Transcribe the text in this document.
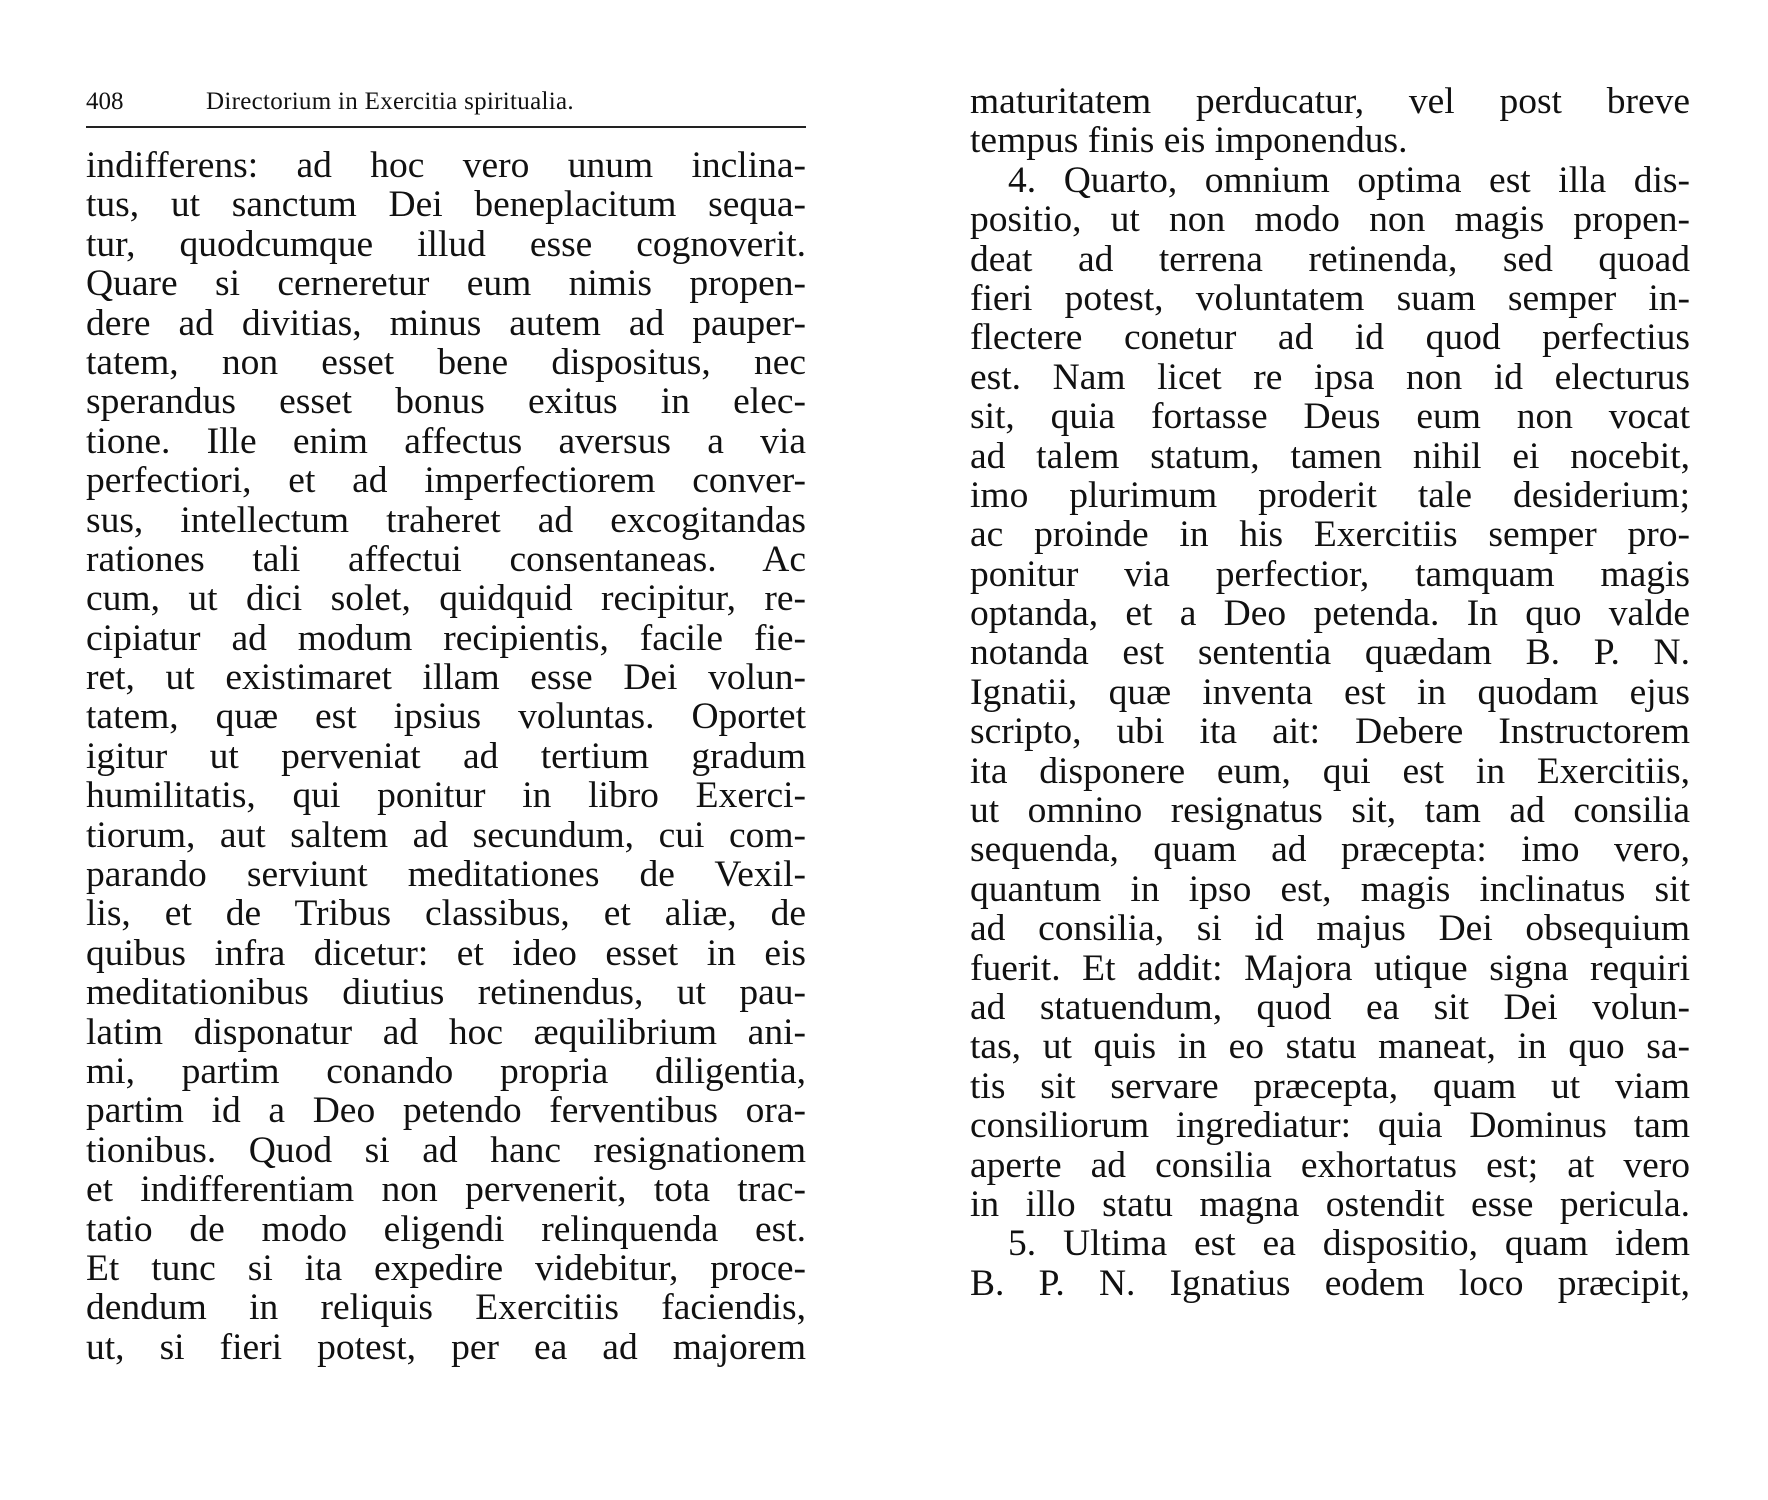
408	Directorium in Exercitia spiritualia.
indifferens: ad hoc vero unum inclina-
tus, ut sanctum Dei beneplacitum sequa-
tur, quodcumque illud esse cognoverit.
Quare si cerneretur eum nimis propen-
dere ad divitias, minus autem ad pauper-
tatem, non esset bene dispositus, nec
sperandus esset bonus exitus in elec-
tione. Ille enim affectus aversus a via
perfectiori, et ad imperfectiorem conver-
sus, intellectum traheret ad excogitandas
rationes tali affectui consentaneas. Ac
cum, ut dici solet, quidquid recipitur, re-
cipiatur ad modum recipientis, facile fie-
ret, ut existimaret illam esse Dei volun-
tatem, quæ est ipsius voluntas. Oportet
igitur ut perveniat ad tertium gradum
humilitatis, qui ponitur in libro Exerci-
tiorum, aut saltem ad secundum, cui com-
parando serviunt meditationes de Vexil-
lis, et de Tribus classibus, et aliæ, de
quibus infra dicetur: et ideo esset in eis
meditationibus diutius retinendus, ut pau-
latim disponatur ad hoc æquilibrium ani-
mi, partim conando propria diligentia,
partim id a Deo petendo ferventibus ora-
tionibus. Quod si ad hanc resignationem
et indifferentiam non pervenerit, tota trac-
tatio de modo eligendi relinquenda est.
Et tunc si ita expedire videbitur, proce-
dendum in reliquis Exercitiis faciendis,
ut, si fieri potest, per ea ad majorem
maturitatem perducatur, vel post breve
tempus finis eis imponendus.
4. Quarto, omnium optima est illa dis-
positio, ut non modo non magis propen-
deat ad terrena retinenda, sed quoad
fieri potest, voluntatem suam semper in-
flectere conetur ad id quod perfectius
est. Nam licet re ipsa non id electurus
sit, quia fortasse Deus eum non vocat
ad talem statum, tamen nihil ei nocebit,
imo plurimum proderit tale desiderium;
ac proinde in his Exercitiis semper pro-
ponitur via perfectior, tamquam magis
optanda, et a Deo petenda. In quo valde
notanda est sententia quædam B. P. N.
Ignatii, quæ inventa est in quodam ejus
scripto, ubi ita ait: Debere Instructorem
ita disponere eum, qui est in Exercitiis,
ut omnino resignatus sit, tam ad consilia
sequenda, quam ad præcepta: imo vero,
quantum in ipso est, magis inclinatus sit
ad consilia, si id majus Dei obsequium
fuerit. Et addit: Majora utique signa requiri
ad statuendum, quod ea sit Dei volun-
tas, ut quis in eo statu maneat, in quo sa-
tis sit servare præcepta, quam ut viam
consiliorum ingrediatur: quia Dominus tam
aperte ad consilia exhortatus est; at vero
in illo statu magna ostendit esse pericula.
5. Ultima est ea dispositio, quam idem
B. P. N. Ignatius eodem loco præcipit,
